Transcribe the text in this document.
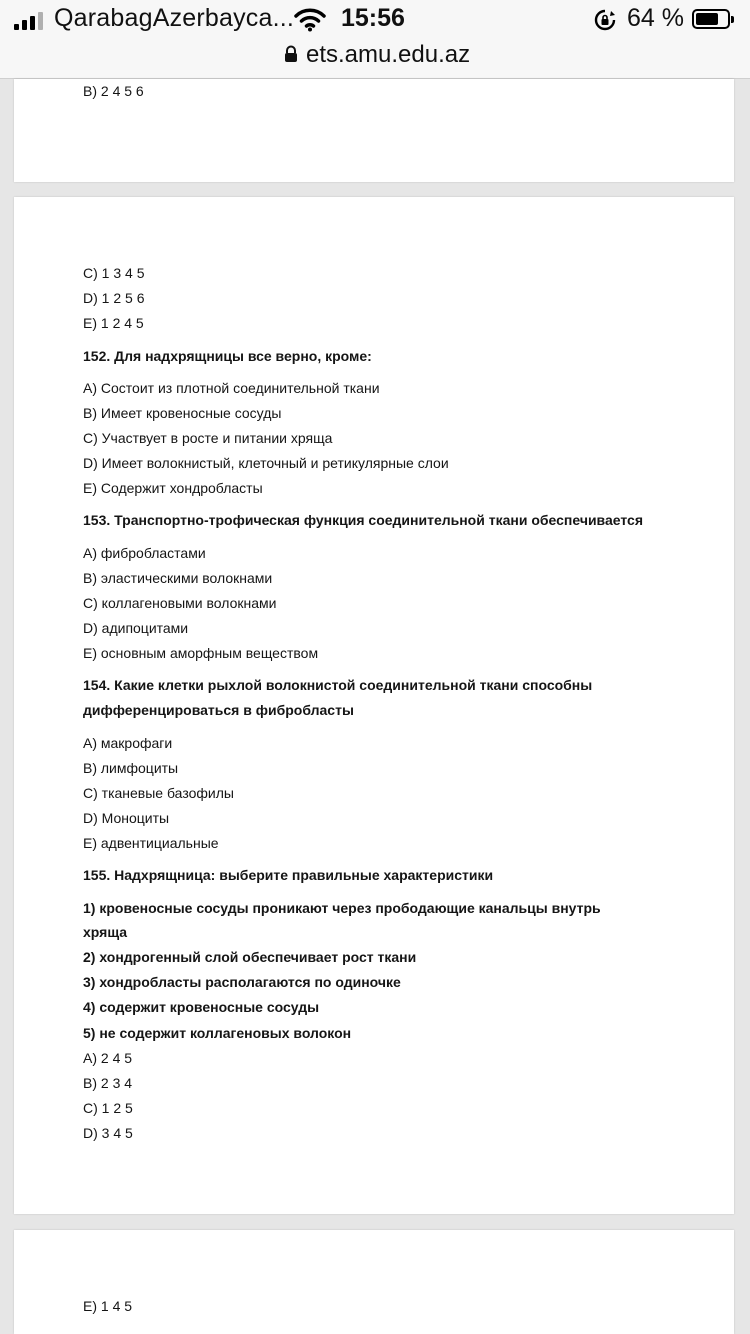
QarabagAzerbayca... 15:56	64 %
ets.amu.edu.az
B) 2 4 5 6
C) 1 3 4 5
D) 1 2 5 6
E) 1 2 4 5
152. Для надхрящницы все верно, кроме:
A) Состоит из плотной соединительной ткани
B) Имеет кровеносные сосуды
C) Участвует в росте и питании хряща
D) Имеет волокнистый, клеточный и ретикулярные слои
E) Содержит хондробласты
153. Транспортно-трофическая функция соединительной ткани обеспечивается
A) фибробластами
B) эластическими волокнами
C) коллагеновыми волокнами
D) адипоцитами
E) основным аморфным веществом
154. Какие клетки рыхлой волокнистой соединительной ткани способны
дифференцироваться в фибробласты
A) макрофаги
B) лимфоциты
C) тканевые базофилы
D) Моноциты
E) адвентициальные
155. Надхрящница: выберите правильные характеристики
1) кровеносные сосуды проникают через прободающие канальцы внутрь
хряща
2) хондрогенный слой обеспечивает рост ткани
3) хондробласты располагаются по одиночке
4) содержит кровеносные сосуды
5) не содержит коллагеновых волокон
A) 2 4 5
B) 2 3 4
C) 1 2 5
D) 3 4 5
E) 1 4 5
